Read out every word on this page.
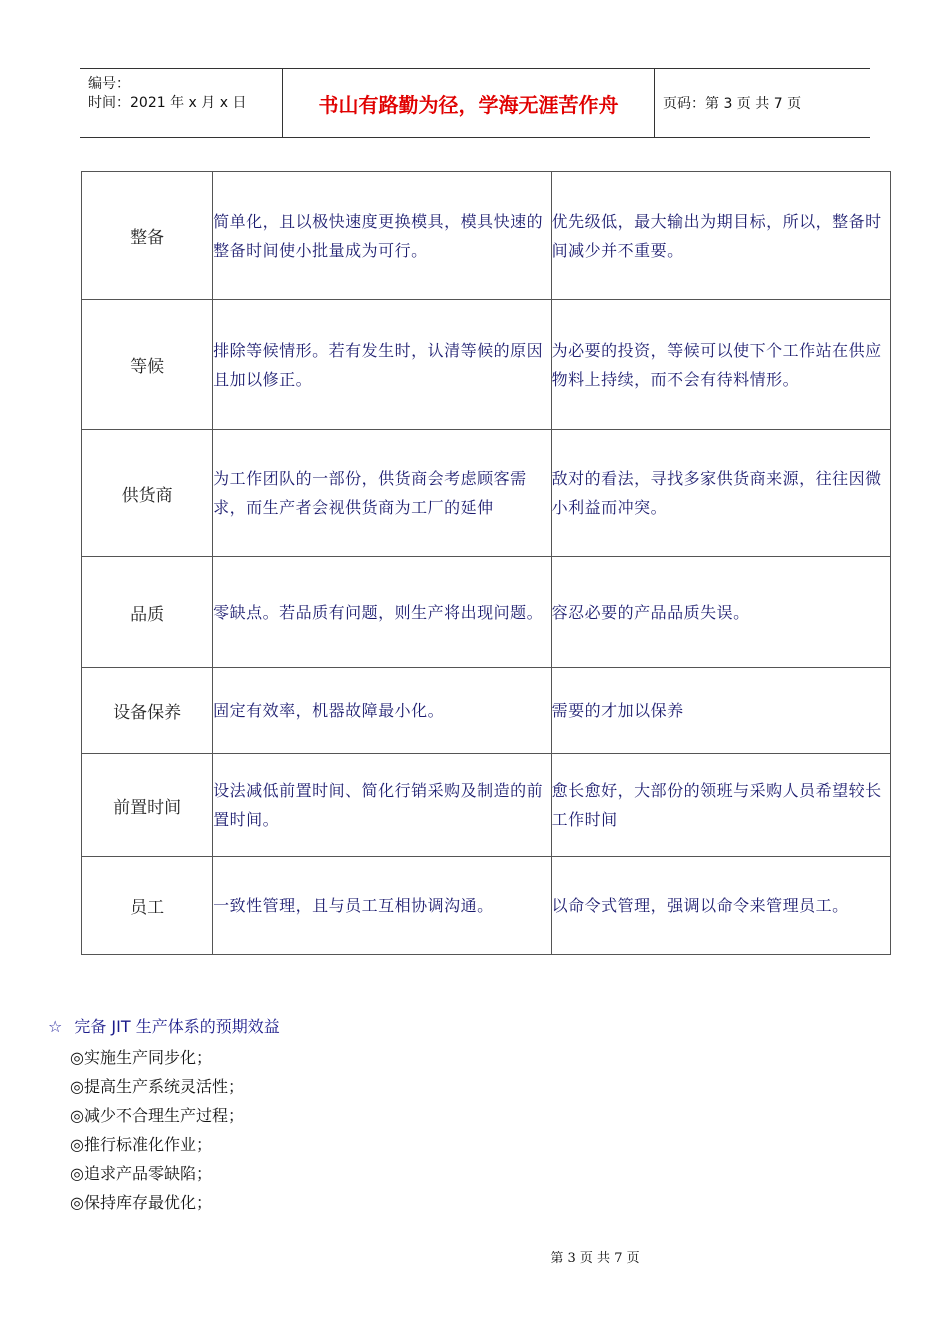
编号：
时间：2021 年 x 月 x 日	书山有路勤为径，学海无涯苦作舟	页码：第 3 页 共 7 页
整备	简单化，且以极快速度更换模具，模具快速的整备时间使小批量成为可行。	优先级低，最大输出为期目标，所以，整备时间减少并不重要。
等候	排除等候情形。若有发生时，认清等候的原因且加以修正。	为必要的投资，等候可以使下个工作站在供应物料上持续，而不会有待料情形。
供货商	为工作团队的一部份，供货商会考虑顾客需求，而生产者会视供货商为工厂的延伸	敌对的看法，寻找多家供货商来源，往往因微小利益而冲突。
品质	零缺点。若品质有问题，则生产将出现问题。	容忍必要的产品品质失误。
设备保养	固定有效率，机器故障最小化。	需要的才加以保养
前置时间	设法减低前置时间、简化行销采购及制造的前置时间。	愈长愈好，大部份的领班与采购人员希望较长工作时间
员工	一致性管理，且与员工互相协调沟通。	以命令式管理，强调以命令来管理员工。
☆ 完备 JIT 生产体系的预期效益
◎实施生产同步化；
◎提高生产系统灵活性；
◎减少不合理生产过程；
◎推行标准化作业；
◎追求产品零缺陷；
◎保持库存最优化；
第 3 页 共 7 页
